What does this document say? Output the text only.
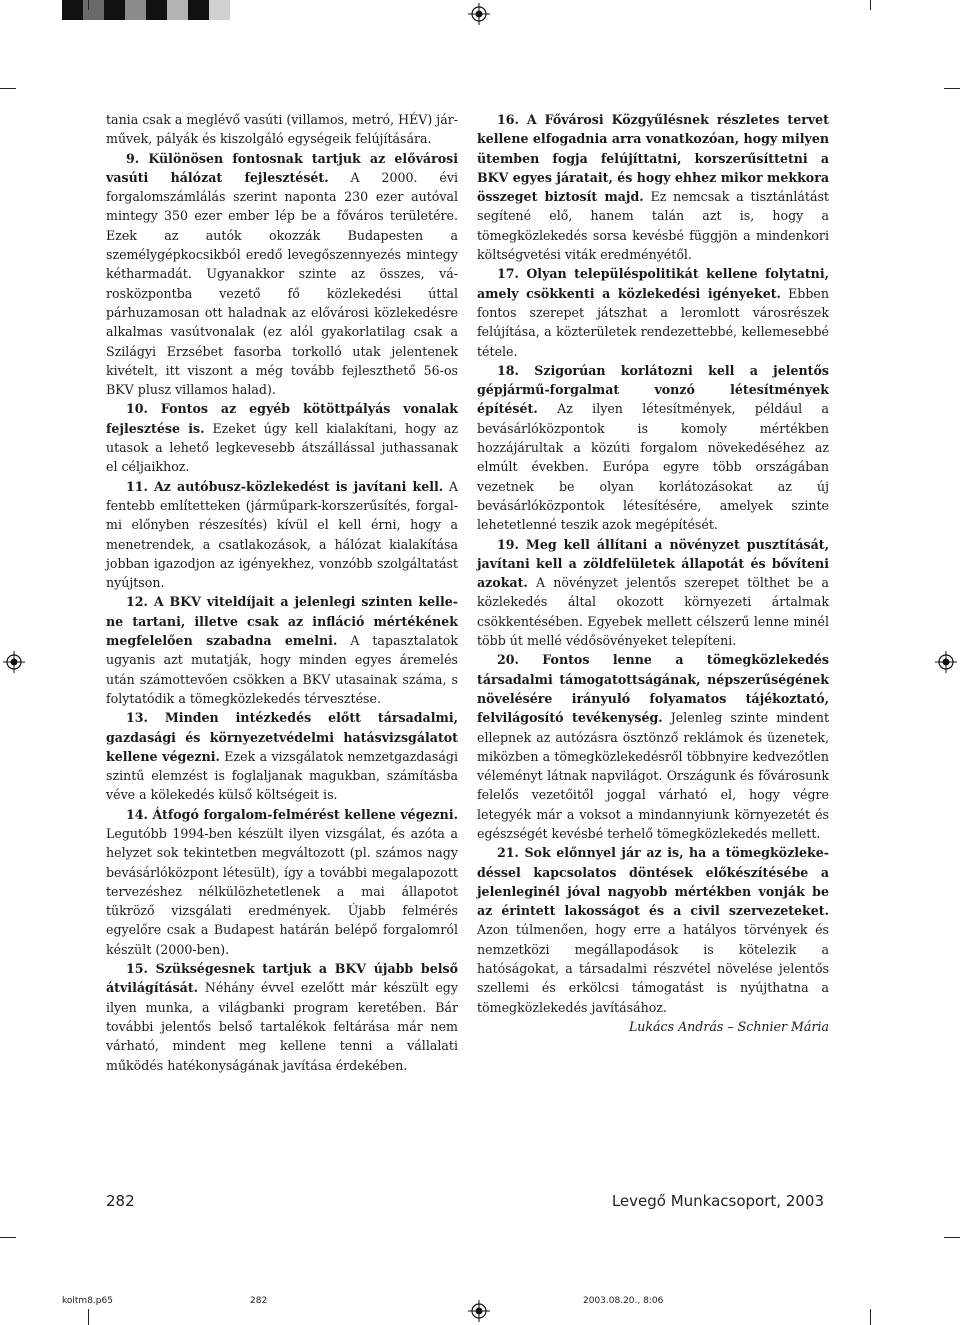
tania csak a meglévő vasúti (villamos, metró, HÉV) járművek, pályák és kiszolgáló egységeik felújítására.

9. Különösen fontosnak tartjuk az elővárosi vasúti hálózat fejlesztését. A 2000. évi forgalomszámlálás szerint naponta 230 ezer autóval mintegy 350 ezer ember lép be a főváros területére. Ezek az autók okozzák Budapesten a személygépkocsikból eredő levegőszennyezés mintegy kétharmadát. Ugyanakkor szinte az összes, városközpontba vezető fő közlekedési úttal párhuzamosan ott haladnak az elővárosi közlekedésre alkalmas vasútvonalak (ez alól gyakorlatilag csak a Szilágyi Erzsébet fasorba torkolló utak jelentenek kivételt, itt viszont a még tovább fejleszthető 56-os BKV plusz villamos halad).

10. Fontos az egyéb kötöttpályás vonalak fejlesztése is. Ezeket úgy kell kialakítani, hogy az utasok a lehető legkevesebb átszállással juthassanak el céljaikhoz.

11. Az autóbusz-közlekedést is javítani kell. A fentebb említetteken (járműpark-korszerűsítés, forgalmi előnyben részesítés) kívül el kell érni, hogy a menetrendek, a csatlakozások, a hálózat kialakítása jobban igazodjon az igényekhez, vonzóbb szolgáltatást nyújtson.

12. A BKV viteldíjait a jelenlegi szinten kellene tartani, illetve csak az infláció mértékének megfelelően szabadna emelni. A tapasztalatok ugyanis azt mutatják, hogy minden egyes áremelés után számottevően csökken a BKV utasainak száma, s folytatódik a tömegközlekedés térvesztése.

13. Minden intézkedés előtt társadalmi, gazdasági és környezetvédelmi hatásvizsgálatot kellene végezni. Ezek a vizsgálatok nemzetgazdasági szintű elemzést is foglaljanak magukban, számításba véve a kölekedés külső költségeit is.

14. Átfogó forgalom-felmérést kellene végezni. Legutóbb 1994-ben készült ilyen vizsgálat, és azóta a helyzet sok tekintetben megváltozott (pl. számos nagy bevásárlóközpont létesült), így a további megalapozott tervezéshez nélkülözhetetlenek a mai állapotot tükröző vizsgálati eredmények. Újabb felmérés egyelőre csak a Budapest határán belépő forgalomról készült (2000-ben).

15. Szükségesnek tartjuk a BKV újabb belső átvilágítását. Néhány évvel ezelőtt már készült egy ilyen munka, a világbanki program keretében. Bár további jelentős belső tartalékok feltárása már nem várható, mindent meg kellene tenni a vállalati működés hatékonyságának javítása érdekében.

16. A Fővárosi Közgyűlésnek részletes tervet kellene elfogadnia arra vonatkozóan, hogy milyen ütemben fogja felújíttatni, korszerűsíttetni a BKV egyes járatait, és hogy ehhez mikor mekkora összeget biztosít majd. Ez nemcsak a tisztánlátást segítené elő, hanem talán azt is, hogy a tömegközlekedés sorsa kevésbé függjön a mindenkori költségvetési viták eredményétől.

17. Olyan településpolitikát kellene folytatni, amely csökkenti a közlekedési igényeket. Ebben fontos szerepet játszhat a leromlott városrészek felújítása, a közterületek rendezettebbé, kellemesebbé tétele.

18. Szigorúan korlátozni kell a jelentős gépjármű-forgalmat vonzó létesítmények építését. Az ilyen létesítmények, például a bevásárlóközpontok is komoly mértékben hozzájárultak a közúti forgalom növekedéséhez az elmúlt években. Európa egyre több országában vezetnek be olyan korlátozásokat az új bevásárlóközpontok létesítésére, amelyek szinte lehetetlenné teszik azok megépítését.

19. Meg kell állítani a növényzet pusztítását, javítani kell a zöldfelületek állapotát és bővíteni azokat. A növényzet jelentős szerepet tölthet be a közlekedés által okozott környezeti ártalmak csökkentésében. Egyebek mellett célszerű lenne minél több út mellé védősövényeket telepíteni.

20. Fontos lenne a tömegközlekedés társadalmi támogatottságának, népszerűségének növelésére irányuló folyamatos tájékoztató, felvilágosító tevékenység. Jelenleg szinte mindent ellepnek az autózásra ösztönző reklámok és üzenetek, miközben a tömegközlekedésről többnyire kedvezőtlen véleményt látnak napvilágot. Országunk és fővárosunk felelős vezetőitől joggal várható el, hogy végre letegyék már a voksot a mindannyiunk környezetét és egészségét kevésbé terhelő tömegközlekedés mellett.

21. Sok előnnyel jár az is, ha a tömegközlekedéssel kapcsolatos döntések előkészítésébe a jelenleginél jóval nagyobb mértékben vonják be az érintett lakosságot és a civil szervezeteket. Azon túlmenően, hogy erre a hatályos törvények és nemzetközi megállapodások is kötelezik a hatóságokat, a társadalmi részvétel növelése jelentős szellemi és erkölcsi támogatást is nyújthatna a tömegközlekedés javításához.

Lukács András – Schnier Mária

282	Levegő Munkacsoport, 2003
koltm8.p65	282	2003.08.20., 8:06
